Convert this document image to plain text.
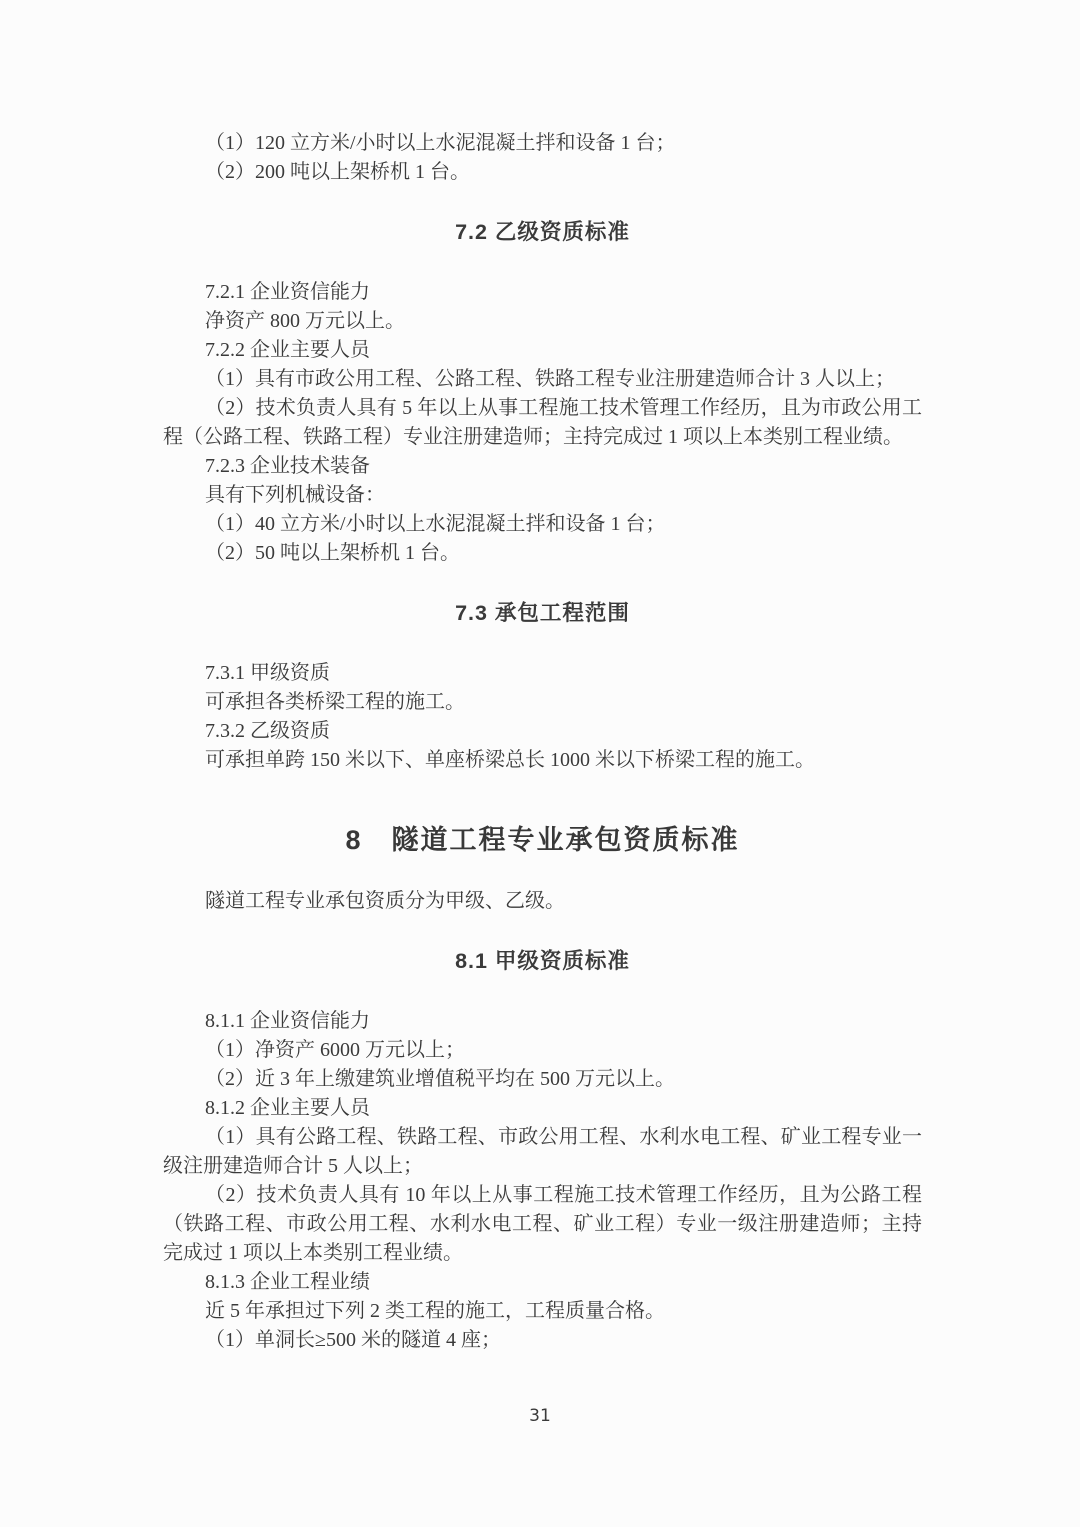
（1）120 立方米/小时以上水泥混凝土拌和设备 1 台；

（2）200 吨以上架桥机 1 台。

7.2 乙级资质标准

7.2.1 企业资信能力

净资产 800 万元以上。

7.2.2 企业主要人员

（1）具有市政公用工程、公路工程、铁路工程专业注册建造师合计 3 人以上；

（2）技术负责人具有 5 年以上从事工程施工技术管理工作经历，且为市政公用工程（公路工程、铁路工程）专业注册建造师；主持完成过 1 项以上本类别工程业绩。

7.2.3 企业技术装备

具有下列机械设备：

（1）40 立方米/小时以上水泥混凝土拌和设备 1 台；

（2）50 吨以上架桥机 1 台。

7.3 承包工程范围

7.3.1 甲级资质

可承担各类桥梁工程的施工。

7.3.2 乙级资质

可承担单跨 150 米以下、单座桥梁总长 1000 米以下桥梁工程的施工。

8　隧道工程专业承包资质标准

隧道工程专业承包资质分为甲级、乙级。

8.1 甲级资质标准

8.1.1 企业资信能力

（1）净资产 6000 万元以上；

（2）近 3 年上缴建筑业增值税平均在 500 万元以上。

8.1.2 企业主要人员

（1）具有公路工程、铁路工程、市政公用工程、水利水电工程、矿业工程专业一级注册建造师合计 5 人以上；

（2）技术负责人具有 10 年以上从事工程施工技术管理工作经历，且为公路工程（铁路工程、市政公用工程、水利水电工程、矿业工程）专业一级注册建造师；主持完成过 1 项以上本类别工程业绩。

8.1.3 企业工程业绩

近 5 年承担过下列 2 类工程的施工，工程质量合格。

（1）单洞长≥500 米的隧道 4 座；

31
